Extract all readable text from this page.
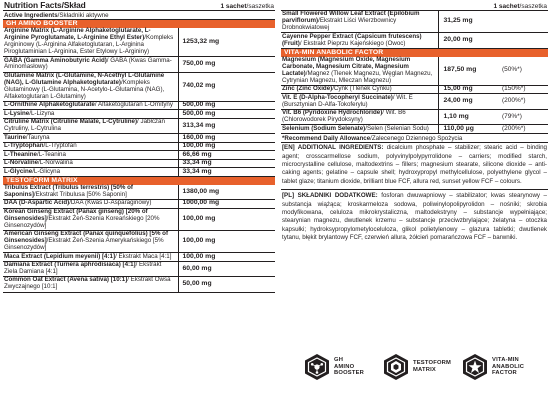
Nutrition Facts/Skład	1 sachet/saszetka
Active Ingredients/Składniki aktywne
GH AMINO BOOSTER
Arginine Matrix (L-Arginine Alphaketoglutarate, L-Arginine Pyroglutamate, L-Arginine Ethyl Ester)/Kompleks Argininowy (L-Arginina Alfaketoglutaran, L-Arginina Piroglutaminian L-Arginina, Ester Etylowy L-Argininy)	1253,32 mg
GABA (Gamma Aminobutyric Acid)/ GABA (Kwas Gamma-Aminomasłowy)	750,00 mg
Glutamine Matrix (L-Glutamine, N-Acethyl L-Glutamine (NAG), L-Glutamine Alphaketoglutarate)/Kompleks Glutaminowy (L-Glutamina, N-Acetylo-L-Glutamina (NAG), Alfaketoglutaran L-Glutaminy)	740,02 mg
L-Ornithine Alphaketoglutarate/ Alfaketoglutaran L-Ornityny	500,00 mg
L-Lysine/L-Lizyna	500,00 mg
Citruline Matrix (Citruline Malate, L-Cytruline)/ Jabłczan Cytruliny, L-Cytrulina	313,34 mg
Taurine/Tauryna	160,00 mg
L-Tryptophan/L-Tryptofan	100,00 mg
L-Theanine/L-Teanina	66,66 mg
L-Norvaline/L-Norwalina	33,34 mg
L-Glycine/L-Glicyna	33,34 mg
TESTOFORM MATRIX
Tribulus Extract (Tribulus terrestris) [50% of Saponins]/Ekstrakt Tribulusa [50% Saponin]	1380,00 mg
DAA (D-Aspartic Acid)/DAA (Kwas D-Asparaginowy)	1000,00 mg
Korean Ginseng Extract (Panax ginseng) [20% of Ginsenosides]/Ekstrakt Żeń-Szenia Koreańskiego [20% Ginsenozydów]	100,00 mg
American Ginseng Extract (Panax quinquefolius) [5% of Ginsenosides]/Ekstrakt Żeń-Szenia Amerykańskiego [5% Ginsenozydów]	100,00 mg
Maca Extract (Lepidium meyenii) [4:1]/ Ekstrakt Maca [4:1]	100,00 mg
Damiana Extract (Turnera aphrodisiaca) [4:1]/ Ekstrakt Ziela Damiana [4:1]	60,00 mg
Common Oat Extract (Avena sativa) [10:1]/ Ekstrakt Owsa Zwyczajnego [10:1]	50,00 mg
1 sachet/saszetka
Small Flowered Willow Leaf Extract (Epilobium parviflorum)/Ekstrakt Liści Wierzbownicy Drobnokwiatowej	31,25 mg	
Cayenne Pepper Extract (Capsicum frutescens) (Fruit)/ Ekstrakt Pieprzu Kajeńskiego (Owoc)	20,00 mg	
VITA-MIN ANABOLIC FACTOR
Magnesium (Magnesium Oxide, Magnesium Carbonate, Magnesium Citrate, Magnesium Lactate)/Magnez (Tlenek Magnezu, Węglan Magnezu, Cytrynian Magnezu, Mleczan Magnezu)	187,50 mg	(50%*)
Zinc (Zinc Oxide)/Cynk (Tlenek Cynku)	15,00 mg	(150%*)
Vit. E (D-Alpha-Tocopheryl Succinate)/ Wit. E (Bursztynian D-Alfa-Tokoferylu)	24,00 mg	(200%*)
Vit. B6 (Pyridoxine Hydrochloride)/ Wit. B6 (Chlorowodorek Pirydoksyny)	1,10 mg	(79%*)
Selenium (Sodium Selenate)/Selen (Selenian Sodu)	110,00 µg	(200%*)
*Recommend Daily Allowance/Zalecenego Dziennego Spożycia
[EN] ADDITIONAL INGREDIENTS: dicalcium phosphate – stabilizer; stearic acid – binding agent; crosscarmellose sodium, polyvinylpolypyrrolidone – carriers; modified starch, microcrystalline cellulose, maltodextrins – fillers; magnesium stearate, silicone dioxide – anti-caking agents; gelatine – capsule shell; hydroxypropyl methylcellulose, polyethylene glycol – tablet glaze; titanium dioxide, brilliant blue FCF, allura red, sunset yellow FCF – colours.
[PL] SKŁADNIKI DODATKOWE: fosforan dwuwapniowy – stabilizator; kwas stearynowy – substancja wiążąca; kroskarmeloza sodowa, poliwinylopolipyrolidon – nośniki; skrobia modyfikowana, celuloza mikrokrystaliczna, maltodekstryny – substancje wypełniające; stearynian magnezu, dwutlenek krzemu – substancje przeciwzbrylające; żelatyna – otoczka kapsułki; hydroksypropylometyloceluloza, glikol polietylenowy – glazura tabletki; dwutlenek tytanu, błękit brylantowy FCF, czerwień allura, żółcień pomarańczowa FCF – barwniki.
GH
AMINO
BOOSTER
TESTOFORM
MATRIX
VITA-MIN
ANABOLIC
FACTOR
